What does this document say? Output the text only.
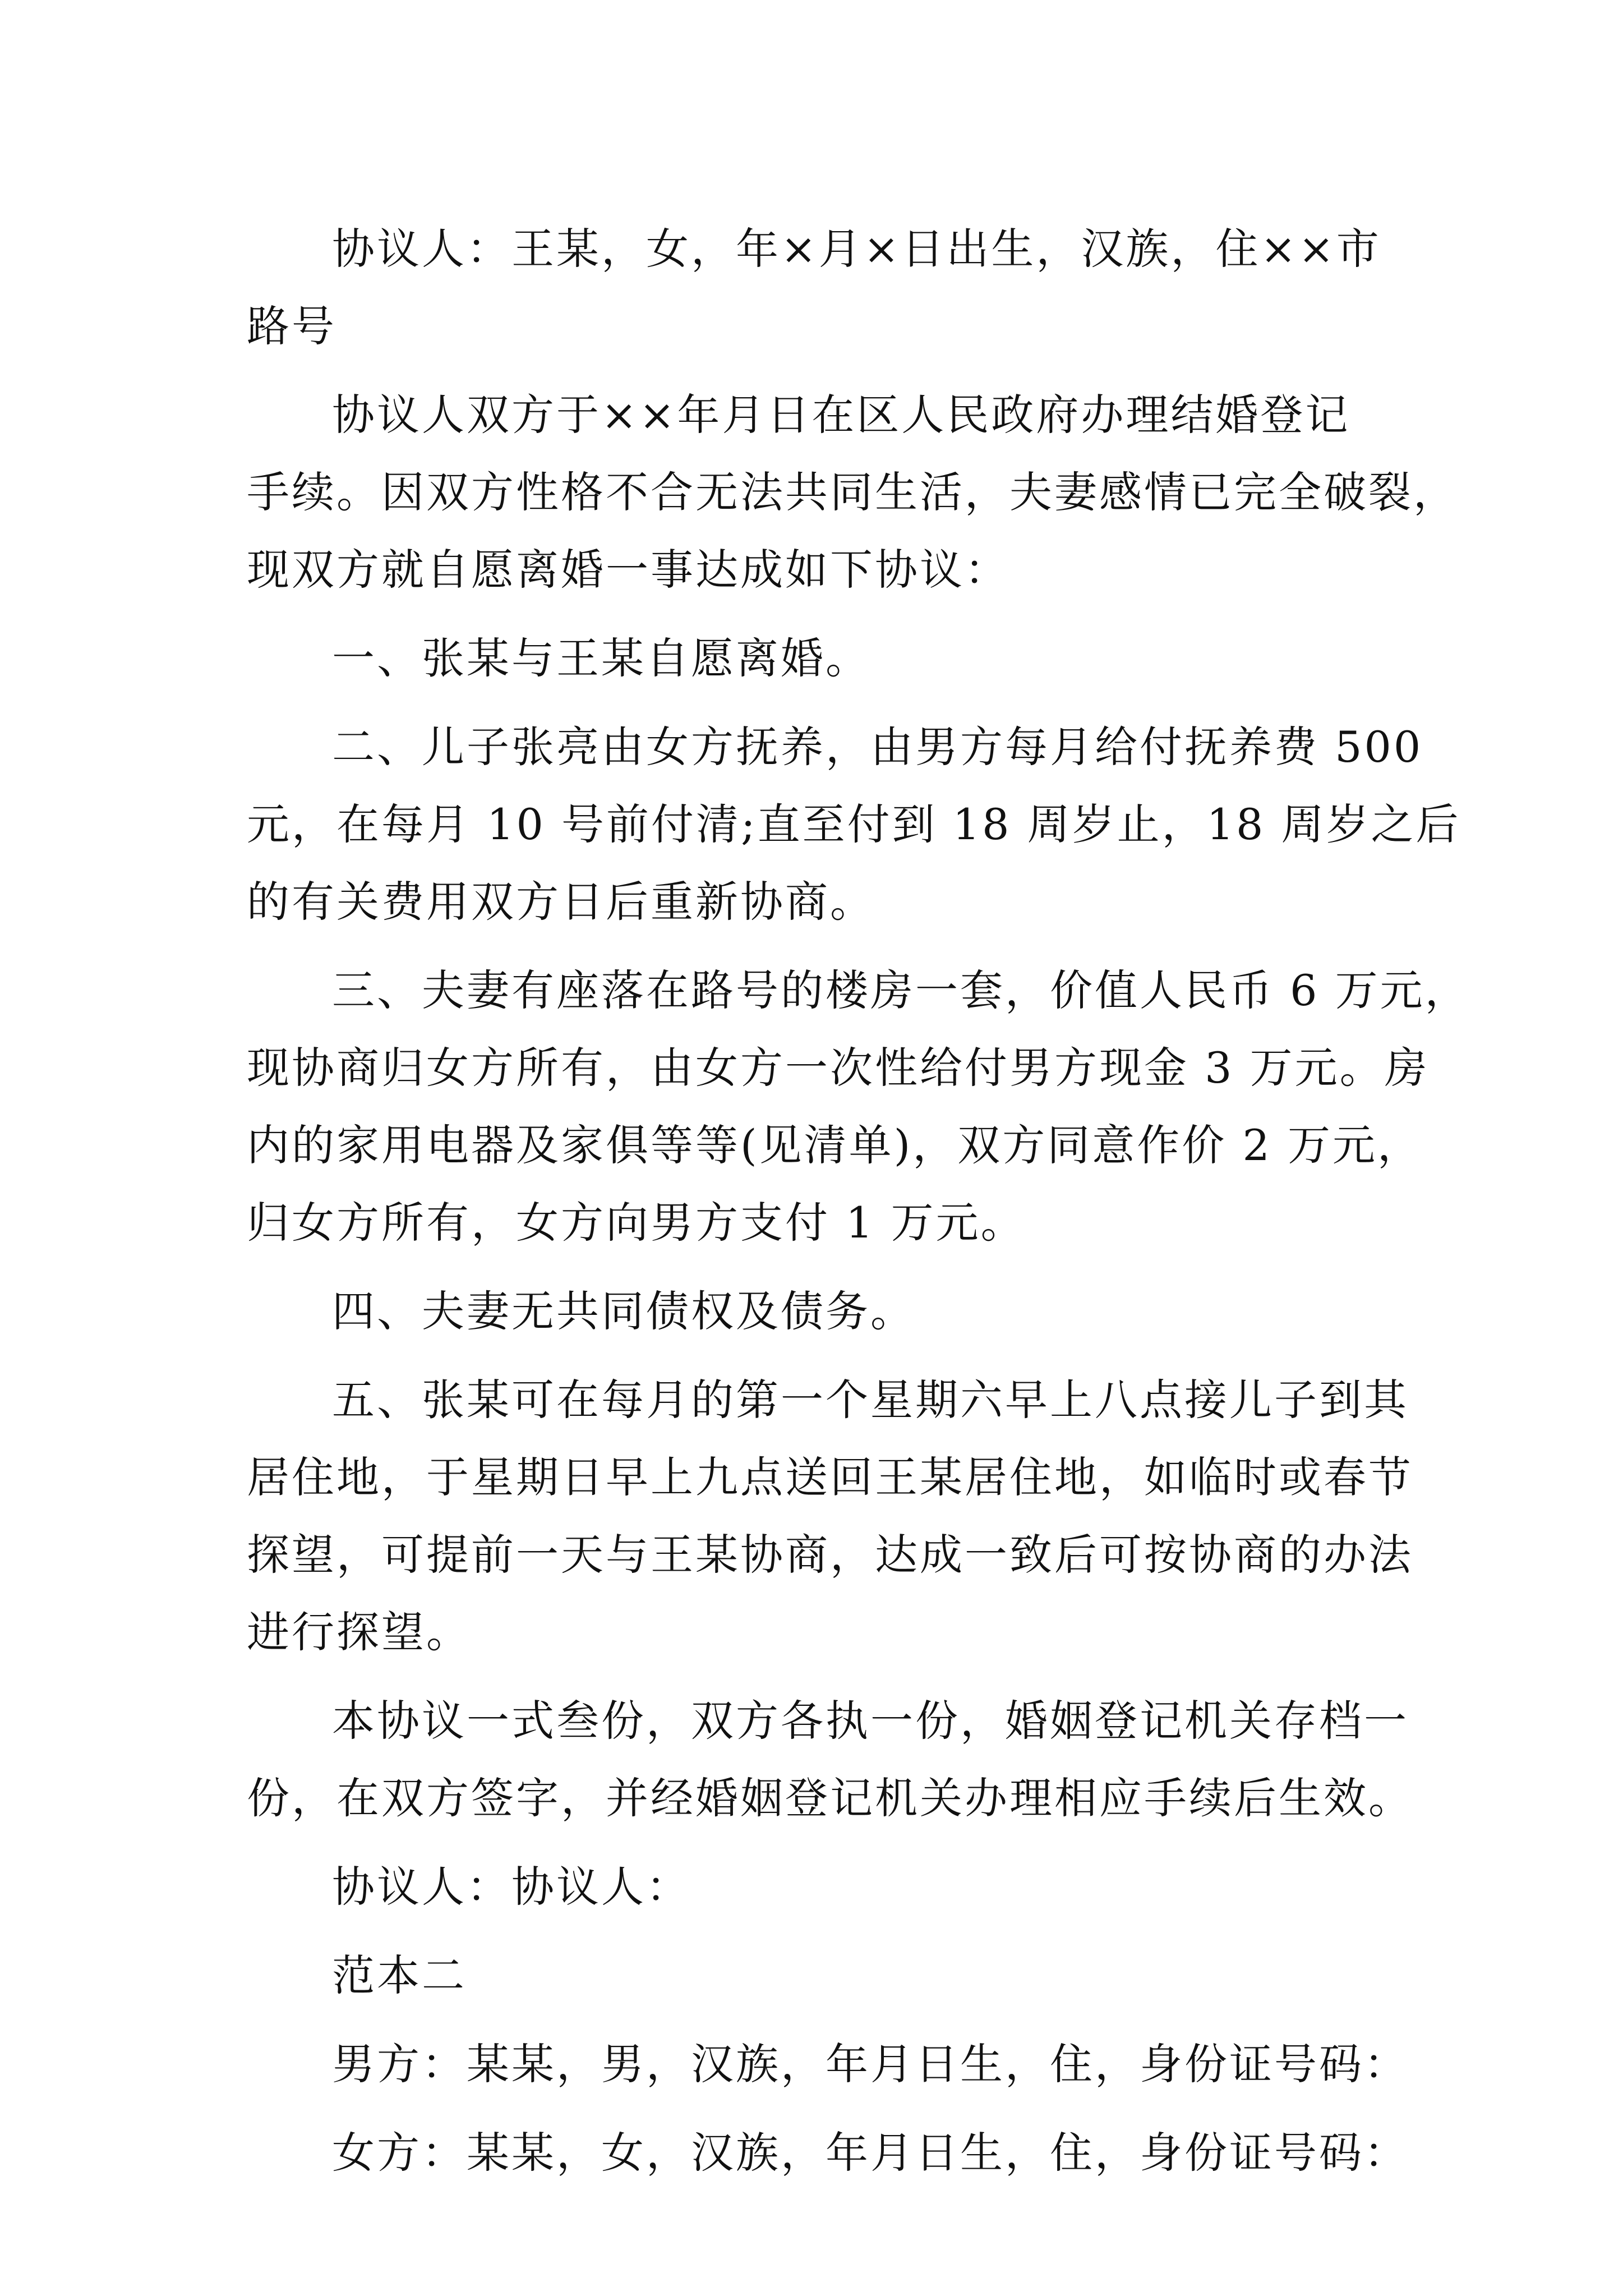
协议人：王某，女，年×月×日出生，汉族，住××市
路号
协议人双方于××年月日在区人民政府办理结婚登记
手续。因双方性格不合无法共同生活，夫妻感情已完全破裂，
现双方就自愿离婚一事达成如下协议：
一、张某与王某自愿离婚。
二、儿子张亮由女方抚养，由男方每月给付抚养费 500
元，在每月 10 号前付清;直至付到 18 周岁止，18 周岁之后
的有关费用双方日后重新协商。
三、夫妻有座落在路号的楼房一套，价值人民币 6 万元，
现协商归女方所有，由女方一次性给付男方现金 3 万元。房
内的家用电器及家俱等等(见清单)，双方同意作价 2 万元，
归女方所有，女方向男方支付 1 万元。
四、夫妻无共同债权及债务。
五、张某可在每月的第一个星期六早上八点接儿子到其
居住地，于星期日早上九点送回王某居住地，如临时或春节
探望，可提前一天与王某协商，达成一致后可按协商的办法
进行探望。
本协议一式叁份，双方各执一份，婚姻登记机关存档一
份，在双方签字，并经婚姻登记机关办理相应手续后生效。
协议人：协议人：
范本二
男方：某某，男，汉族，年月日生，住，身份证号码：
女方：某某，女，汉族，年月日生，住，身份证号码：
